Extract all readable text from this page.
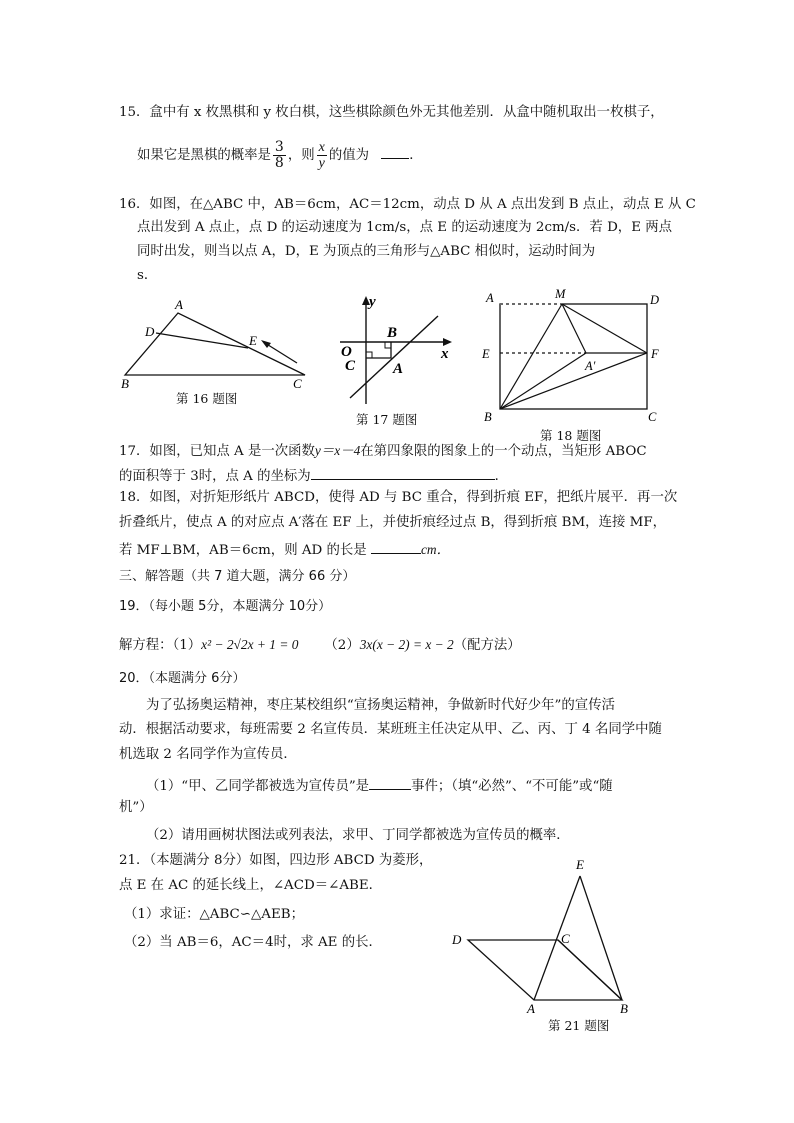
15．盒中有 x 枚黑棋和 y 枚白棋，这些棋除颜色外无其他差别．从盒中随机取出一枚棋子，
如果它是黑棋的概率是 $\frac{3}{8}$ ，则 $\frac{x}{y}$ 的值为	．
16．如图，在△ABC 中，AB＝6cm，AC＝12cm，动点 D 从 A 点出发到 B 点止，动点 E 从 C
点出发到 A 点止，点 D 的运动速度为 1cm/s，点 E 的运动速度为 2cm/s．若 D，E 两点
同时出发，则当以点 A，D，E 为顶点的三角形与△ABC 相似时，运动时间为
s．
A
D
E
B	C
第 16 题图
y
B
O
C	A
x
第 17 题图
A	M	D
E
A′
F
B	C
第 18 题图
17．如图，已知点 A 是一次函数y＝x－4在第四象限的图象上的一个动点，当矩形 ABOC
的面积等于 3时，点 A 的坐标为	．
18．如图，对折矩形纸片 ABCD，使得 AD 与 BC 重合，得到折痕 EF，把纸片展平．再一次
折叠纸片，使点 A 的对应点 A′落在 EF 上，并使折痕经过点 B，得到折痕 BM，连接 MF，
若 MF⊥BM，AB＝6cm，则 AD 的长是	cm．
三、解答题（共 7 道大题，满分 66 分）
19．（每小题 5分，本题满分 10分）
解方程：（1）x² − 2√2x + 1 = 0 （2）3x(x − 2) = x − 2（配方法）
20．（本题满分 6分）
为了弘扬奥运精神，枣庄某校组织“宣扬奥运精神，争做新时代好少年”的宣传活
动．根据活动要求，每班需要 2 名宣传员．某班班主任决定从甲、乙、丙、丁 4 名同学中随
机选取 2 名同学作为宣传员．
（1）“甲、乙同学都被选为宣传员”是	事件；（填“必然”、“不可能”或“随
机”）
（2）请用画树状图法或列表法，求甲、丁同学都被选为宣传员的概率．
21．（本题满分 8分）如图，四边形 ABCD 为菱形，
点 E 在 AC 的延长线上，∠ACD＝∠ABE．
（1）求证：△ABC∽△AEB；
（2）当 AB＝6，AC＝4时，求 AE 的长．
E
D	C
A	B
第 21 题图
